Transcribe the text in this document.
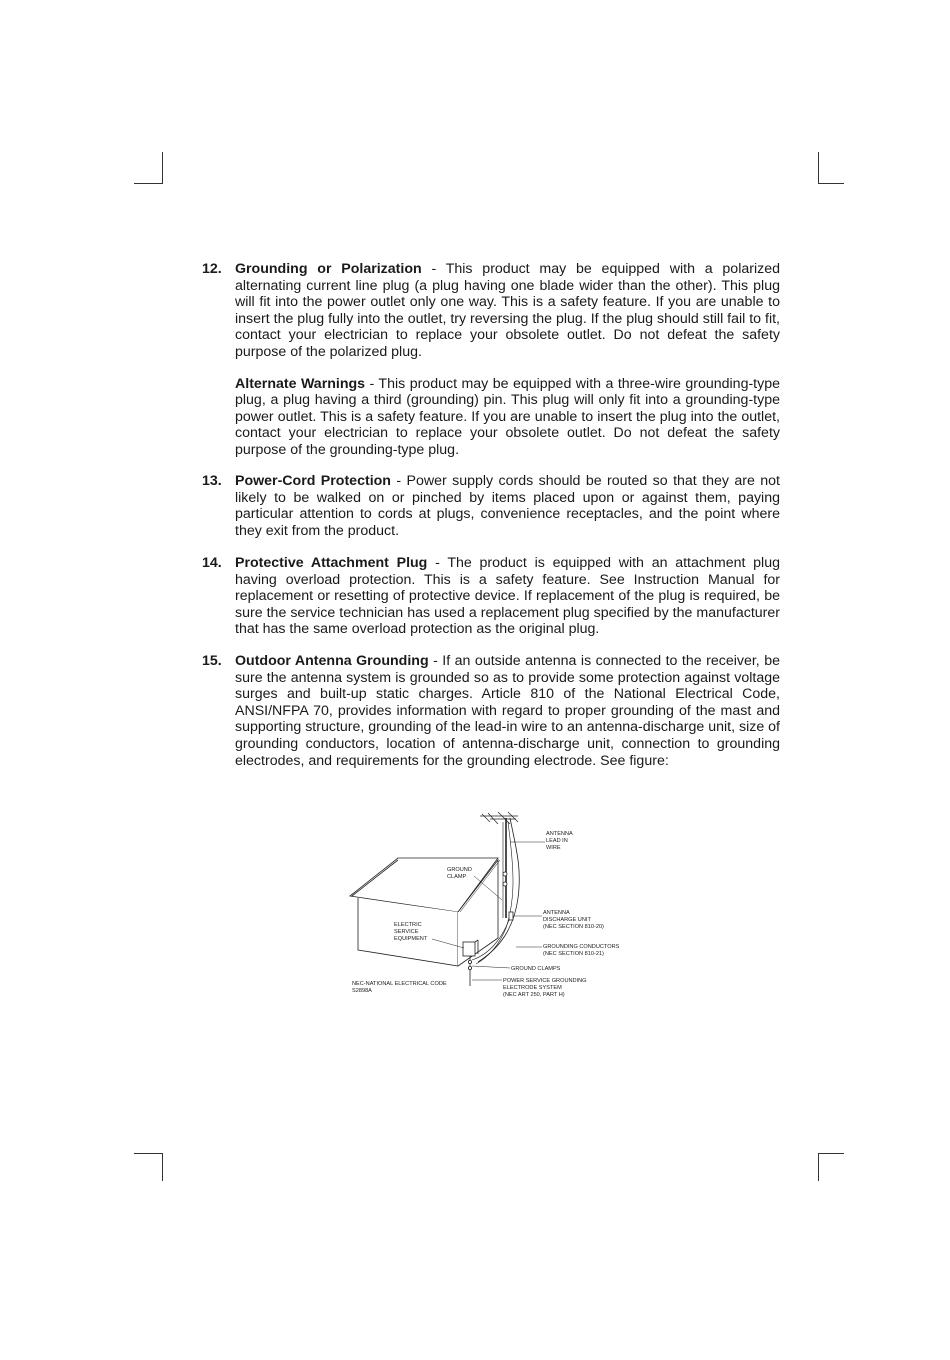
12. Grounding or Polarization - This product may be equipped with a polarized alternating current line plug (a plug having one blade wider than the other). This plug will fit into the power outlet only one way. This is a safety feature. If you are unable to insert the plug fully into the outlet, try reversing the plug. If the plug should still fail to fit, contact your electrician to replace your obsolete outlet. Do not defeat the safety purpose of the polarized plug.
Alternate Warnings - This product may be equipped with a three-wire grounding-type plug, a plug having a third (grounding) pin. This plug will only fit into a grounding-type power outlet. This is a safety feature. If you are unable to insert the plug into the outlet, contact your electrician to replace your obsolete outlet. Do not defeat the safety purpose of the grounding-type plug.
13. Power-Cord Protection - Power supply cords should be routed so that they are not likely to be walked on or pinched by items placed upon or against them, paying particular attention to cords at plugs, convenience receptacles, and the point where they exit from the product.
14. Protective Attachment Plug - The product is equipped with an attachment plug having overload protection. This is a safety feature. See Instruction Manual for replacement or resetting of protective device. If replacement of the plug is required, be sure the service technician has used a replacement plug specified by the manufacturer that has the same overload protection as the original plug.
15. Outdoor Antenna Grounding - If an outside antenna is connected to the receiver, be sure the antenna system is grounded so as to provide some protection against voltage surges and built-up static charges. Article 810 of the National Electrical Code, ANSI/NFPA 70, provides information with regard to proper grounding of the mast and supporting structure, grounding of the lead-in wire to an antenna-discharge unit, size of grounding conductors, location of antenna-discharge unit, connection to grounding electrodes, and requirements for the grounding electrode. See figure:
ANTENNA LEAD IN WIRE
GROUND CLAMP
ANTENNA DISCHARGE UNIT (NEC SECTION 810-20)
ELECTRIC SERVICE EQUIPMENT
GROUNDING CONDUCTORS (NEC SECTION 810-21)
GROUND CLAMPS
POWER SERVICE GROUNDING ELECTRODE SYSTEM (NEC ART 250, PART H)
NEC-NATIONAL ELECTRICAL CODE S2898A
